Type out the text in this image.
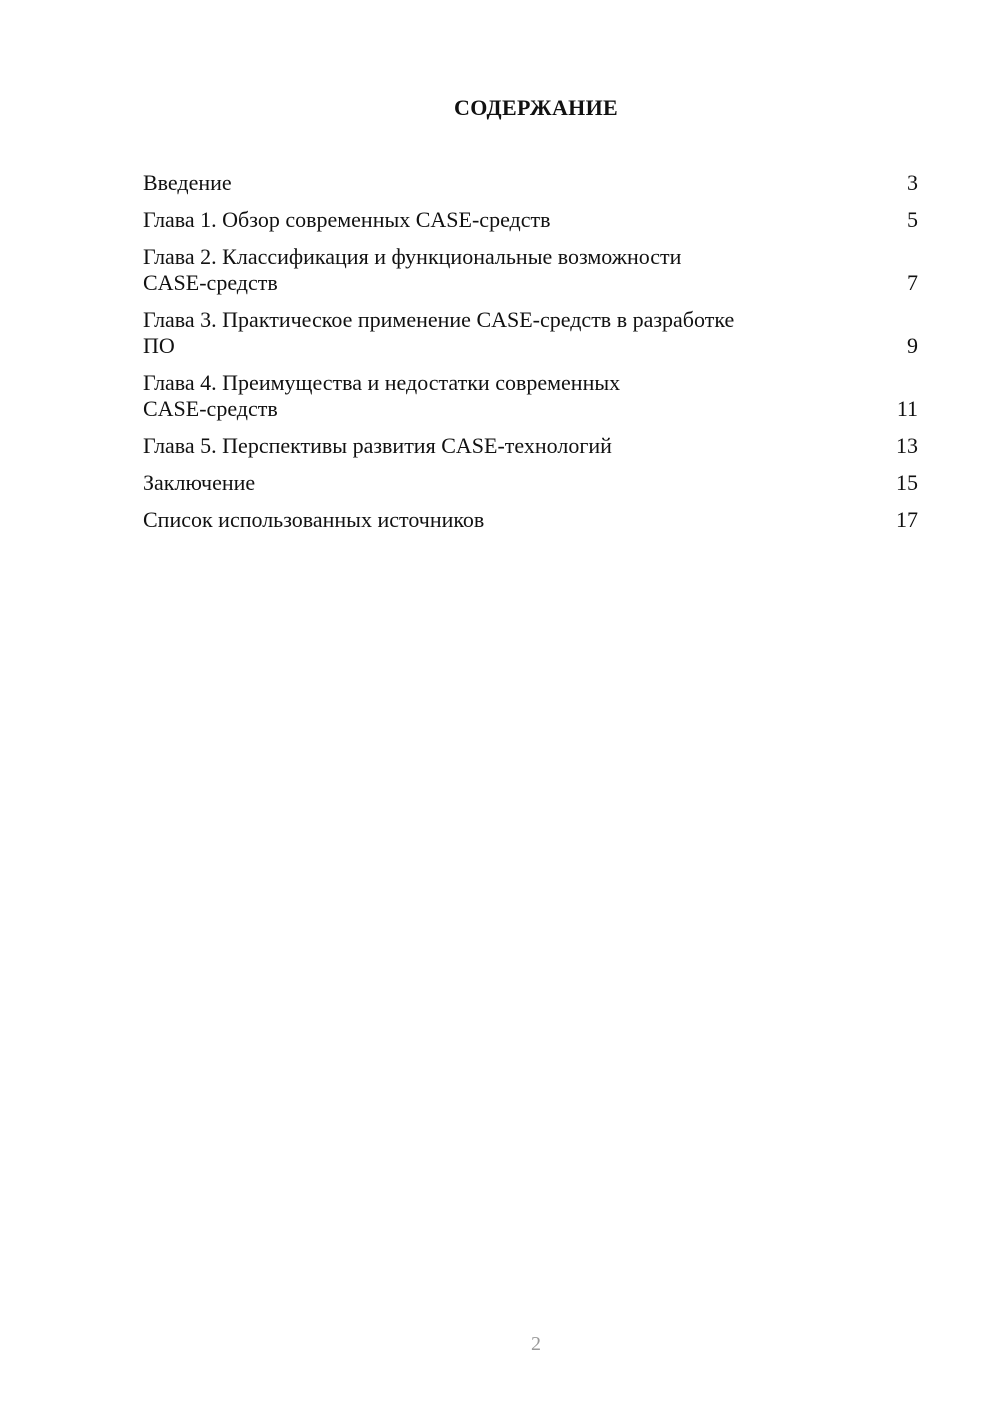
СОДЕРЖАНИЕ
Введение	3
Глава 1. Обзор современных CASE-средств	5
Глава 2. Классификация и функциональные возможности
CASE-средств	7
Глава 3. Практическое применение CASE-средств в разработке
ПО	9
Глава 4. Преимущества и недостатки современных
CASE-средств	11
Глава 5. Перспективы развития CASE-технологий	13
Заключение	15
Список использованных источников	17
2
